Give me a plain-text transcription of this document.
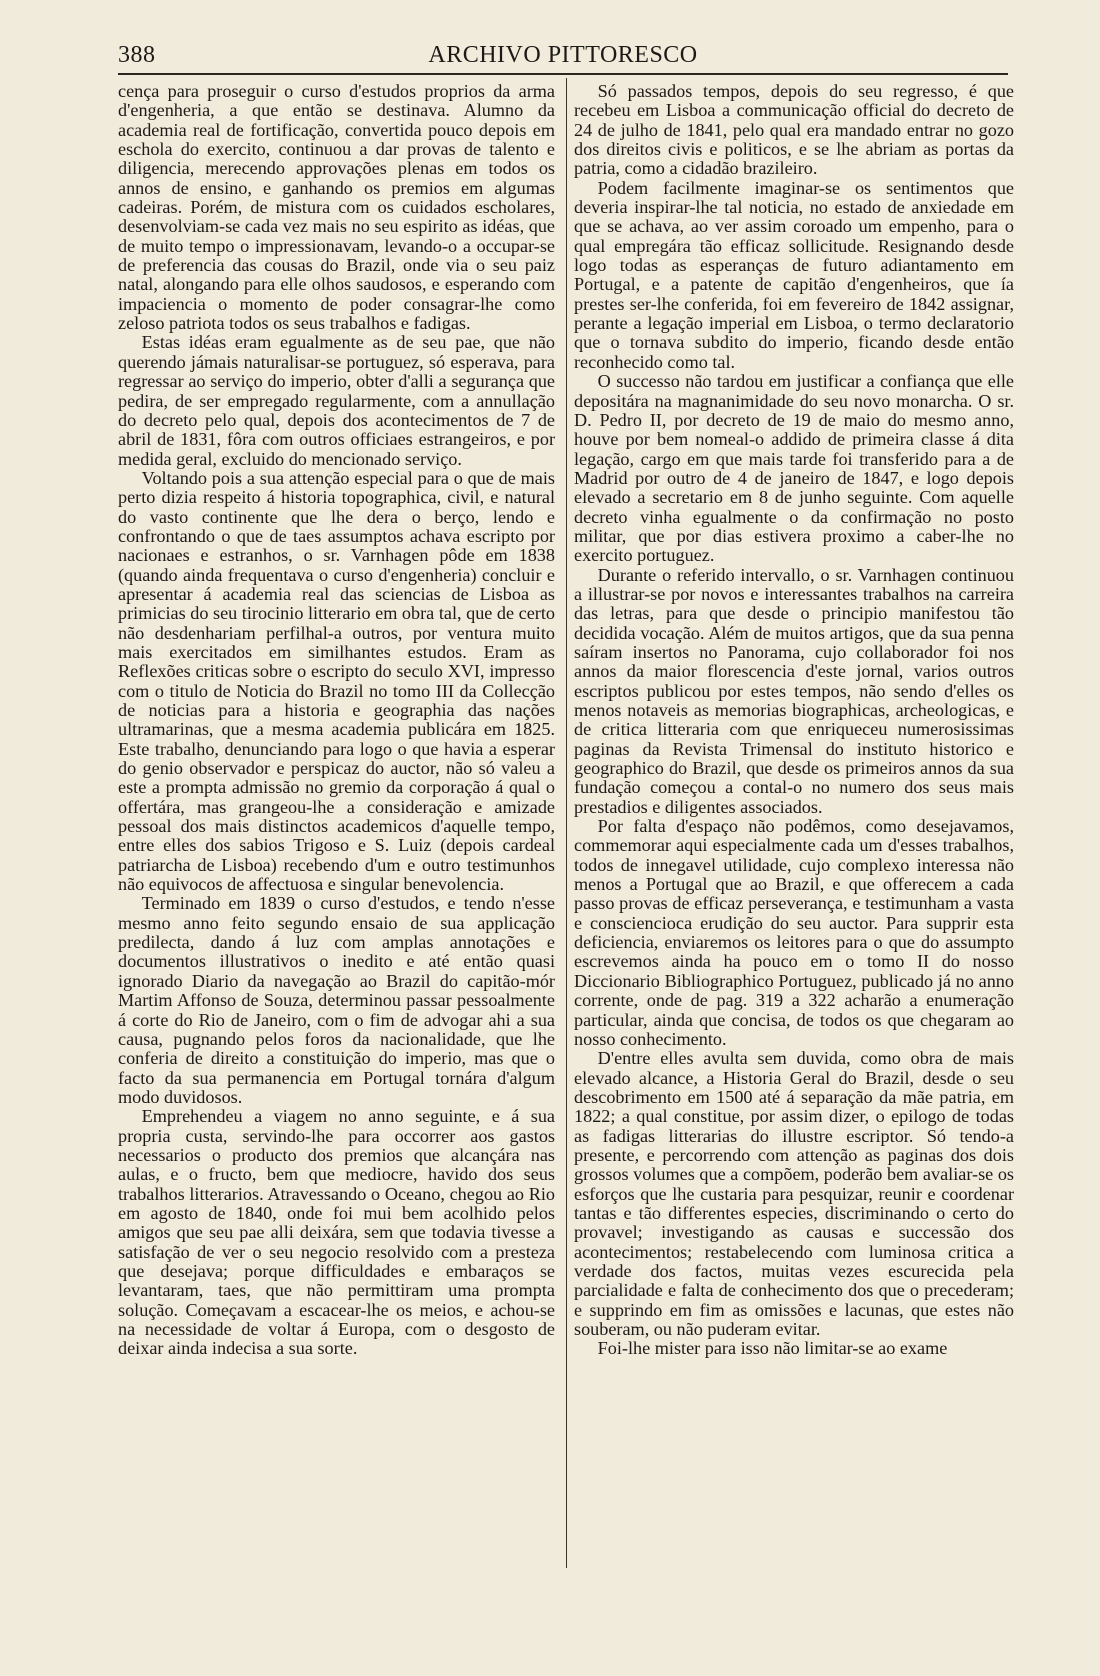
388	ARCHIVO PITTORESCO

cença para proseguir o curso d'estudos proprios da arma d'engenheria, a que então se destinava. Alumno da academia real de fortificação, convertida pouco depois em eschola do exercito, continuou a dar provas de talento e diligencia, merecendo approvações plenas em todos os annos de ensino, e ganhando os premios em algumas cadeiras. Porém, de mistura com os cuidados escholares, desenvolviam-se cada vez mais no seu espirito as idéas, que de muito tempo o impressionavam, levando-o a occupar-se de preferencia das cousas do Brazil, onde via o seu paiz natal, alongando para elle olhos saudosos, e esperando com impaciencia o momento de poder consagrar-lhe como zeloso patriota todos os seus trabalhos e fadigas.

Estas idéas eram egualmente as de seu pae, que não querendo jámais naturalisar-se portuguez, só esperava, para regressar ao serviço do imperio, obter d'alli a segurança que pedira, de ser empregado regularmente, com a annullação do decreto pelo qual, depois dos acontecimentos de 7 de abril de 1831, fôra com outros officiaes estrangeiros, e por medida geral, excluido do mencionado serviço.

Voltando pois a sua attenção especial para o que de mais perto dizia respeito á historia topographica, civil, e natural do vasto continente que lhe dera o berço, lendo e confrontando o que de taes assumptos achava escripto por nacionaes e estranhos, o sr. Varnhagen pôde em 1838 (quando ainda frequentava o curso d'engenheria) concluir e apresentar á academia real das sciencias de Lisboa as primicias do seu tirocinio litterario em obra tal, que de certo não desdenhariam perfilhal-a outros, por ventura muito mais exercitados em similhantes estudos. Eram as Reflexões criticas sobre o escripto do seculo XVI, impresso com o titulo de Noticia do Brazil no tomo III da Collecção de noticias para a historia e geographia das nações ultramarinas, que a mesma academia publicára em 1825. Este trabalho, denunciando para logo o que havia a esperar do genio observador e perspicaz do auctor, não só valeu a este a prompta admissão no gremio da corporação á qual o offertára, mas grangeou-lhe a consideração e amizade pessoal dos mais distinctos academicos d'aquelle tempo, entre elles dos sabios Trigoso e S. Luiz (depois cardeal patriarcha de Lisboa) recebendo d'um e outro testimunhos não equivocos de affectuosa e singular benevolencia.

Terminado em 1839 o curso d'estudos, e tendo n'esse mesmo anno feito segundo ensaio de sua applicação predilecta, dando á luz com amplas annotações e documentos illustrativos o inedito e até então quasi ignorado Diario da navegação ao Brazil do capitão-mór Martim Affonso de Souza, determinou passar pessoalmente á corte do Rio de Janeiro, com o fim de advogar ahi a sua causa, pugnando pelos foros da nacionalidade, que lhe conferia de direito a constituição do imperio, mas que o facto da sua permanencia em Portugal tornára d'algum modo duvidosos.

Emprehendeu a viagem no anno seguinte, e á sua propria custa, servindo-lhe para occorrer aos gastos necessarios o producto dos premios que alcançára nas aulas, e o fructo, bem que mediocre, havido dos seus trabalhos litterarios. Atravessando o Oceano, chegou ao Rio em agosto de 1840, onde foi mui bem acolhido pelos amigos que seu pae alli deixára, sem que todavia tivesse a satisfação de ver o seu negocio resolvido com a presteza que desejava; porque difficuldades e embaraços se levantaram, taes, que não permittiram uma prompta solução. Começavam a escacear-lhe os meios, e achou-se na necessidade de voltar á Europa, com o desgosto de deixar ainda indecisa a sua sorte.

Só passados tempos, depois do seu regresso, é que recebeu em Lisboa a communicação official do decreto de 24 de julho de 1841, pelo qual era mandado entrar no gozo dos direitos civis e politicos, e se lhe abriam as portas da patria, como a cidadão brazileiro.

Podem facilmente imaginar-se os sentimentos que deveria inspirar-lhe tal noticia, no estado de anxiedade em que se achava, ao ver assim coroado um empenho, para o qual empregára tão efficaz sollicitude. Resignando desde logo todas as esperanças de futuro adiantamento em Portugal, e a patente de capitão d'engenheiros, que ía prestes ser-lhe conferida, foi em fevereiro de 1842 assignar, perante a legação imperial em Lisboa, o termo declaratorio que o tornava subdito do imperio, ficando desde então reconhecido como tal.

O successo não tardou em justificar a confiança que elle depositára na magnanimidade do seu novo monarcha. O sr. D. Pedro II, por decreto de 19 de maio do mesmo anno, houve por bem nomeal-o addido de primeira classe á dita legação, cargo em que mais tarde foi transferido para a de Madrid por outro de 4 de janeiro de 1847, e logo depois elevado a secretario em 8 de junho seguinte. Com aquelle decreto vinha egualmente o da confirmação no posto militar, que por dias estivera proximo a caber-lhe no exercito portuguez.

Durante o referido intervallo, o sr. Varnhagen continuou a illustrar-se por novos e interessantes trabalhos na carreira das letras, para que desde o principio manifestou tão decidida vocação. Além de muitos artigos, que da sua penna saíram insertos no Panorama, cujo collaborador foi nos annos da maior florescencia d'este jornal, varios outros escriptos publicou por estes tempos, não sendo d'elles os menos notaveis as memorias biographicas, archeologicas, e de critica litteraria com que enriqueceu numerosissimas paginas da Revista Trimensal do instituto historico e geographico do Brazil, que desde os primeiros annos da sua fundação começou a contal-o no numero dos seus mais prestadios e diligentes associados.

Por falta d'espaço não podêmos, como desejavamos, commemorar aqui especialmente cada um d'esses trabalhos, todos de innegavel utilidade, cujo complexo interessa não menos a Portugal que ao Brazil, e que offerecem a cada passo provas de efficaz perseverança, e testimunham a vasta e consciencioса erudição do seu auctor. Para supprir esta deficiencia, enviaremos os leitores para o que do assumpto escrevemos ainda ha pouco em o tomo II do nosso Diccionario Bibliographico Portuguez, publicado já no anno corrente, onde de pag. 319 a 322 acharão a enumeração particular, ainda que concisa, de todos os que chegaram ao nosso conhecimento.

D'entre elles avulta sem duvida, como obra de mais elevado alcance, a Historia Geral do Brazil, desde o seu descobrimento em 1500 até á separação da mãe patria, em 1822; a qual constitue, por assim dizer, o epilogo de todas as fadigas litterarias do illustre escriptor. Só tendo-a presente, e percorrendo com attenção as paginas dos dois grossos volumes que a compõem, poderão bem avaliar-se os esforços que lhe custaria para pesquizar, reunir e coordenar tantas e tão differentes especies, discriminando o certo do provavel; investigando as causas e successão dos acontecimentos; restabelecendo com luminosa critica a verdade dos factos, muitas vezes escurecida pela parcialidade e falta de conhecimento dos que o precederam; e supprindo em fim as omissões e lacunas, que estes não souberam, ou não puderam evitar.

Foi-lhe mister para isso não limitar-se ao exame
